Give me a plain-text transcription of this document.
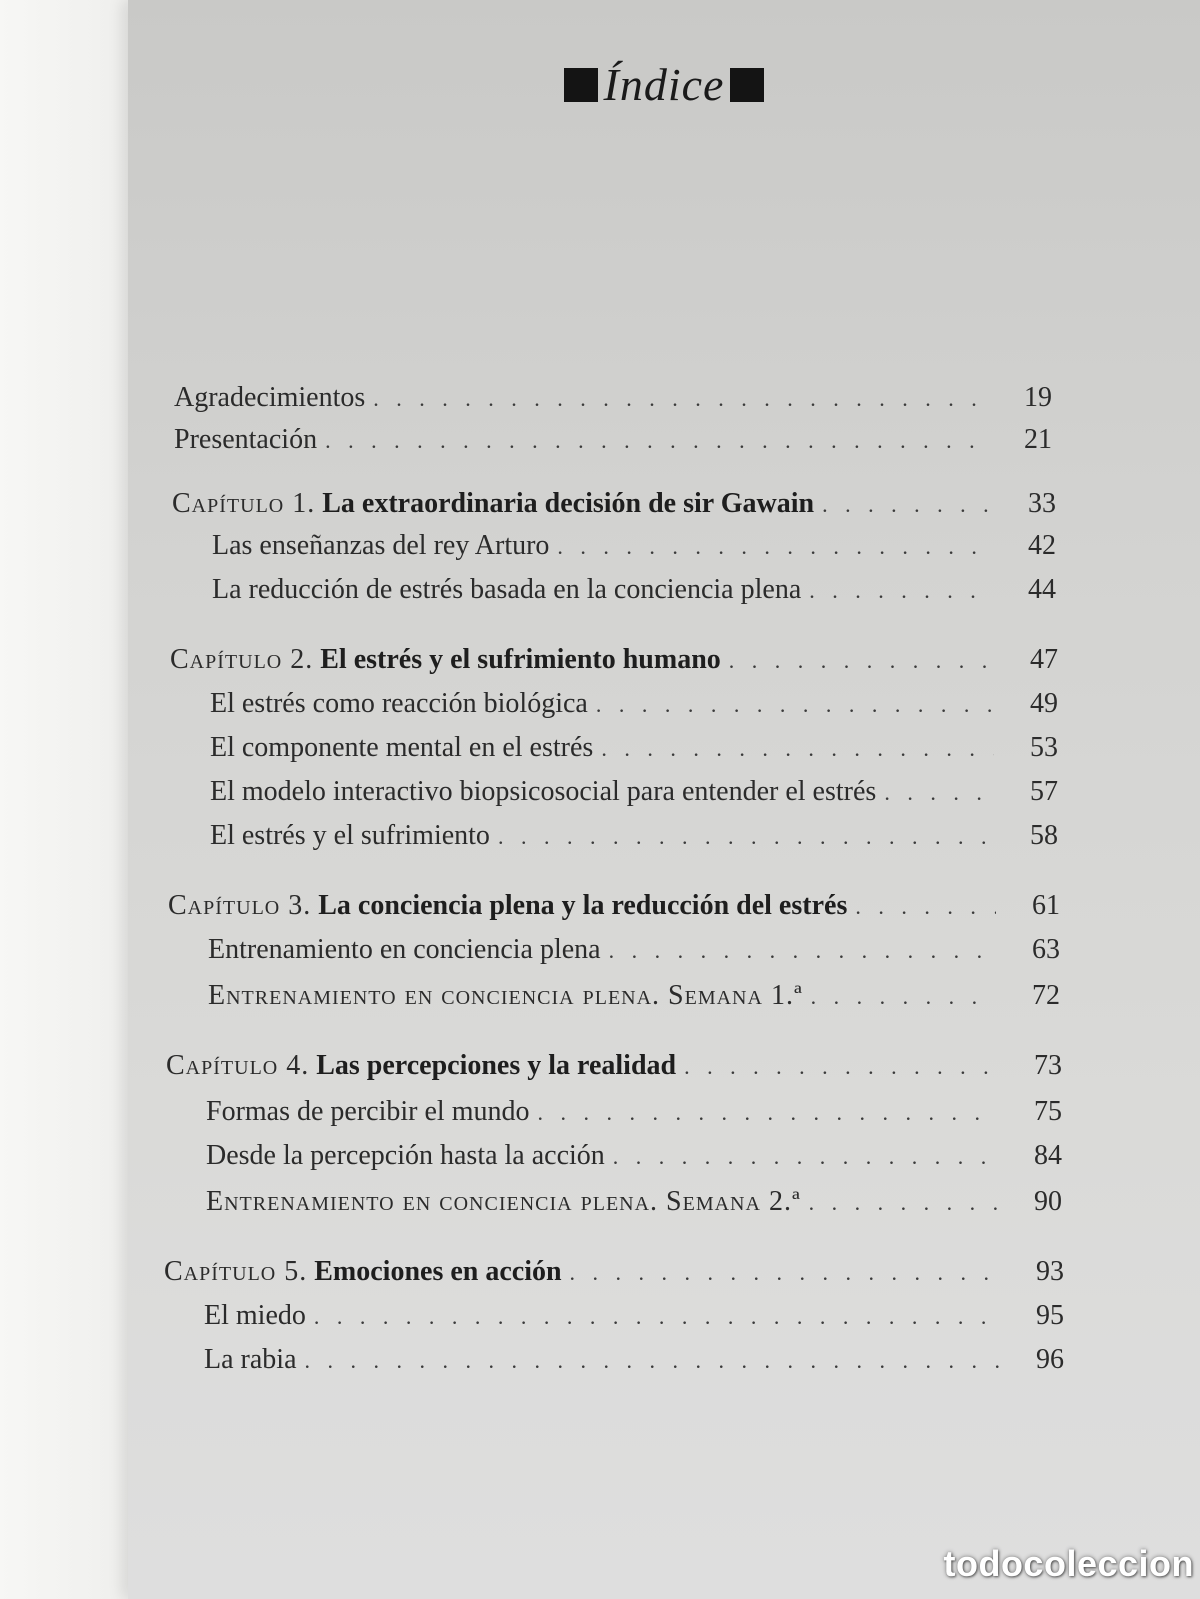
Índice
Agradecimientos . . .	19
Presentación . . .	21
Capítulo 1. La extraordinaria decisión de sir Gawain . . .	33
Las enseñanzas del rey Arturo . . .	42
La reducción de estrés basada en la conciencia plena . . .	44
Capítulo 2. El estrés y el sufrimiento humano . . .	47
El estrés como reacción biológica . . .	49
El componente mental en el estrés . . .	53
El modelo interactivo biopsicosocial para entender el estrés . . .	57
El estrés y el sufrimiento . . .	58
Capítulo 3. La conciencia plena y la reducción del estrés . . .	61
Entrenamiento en conciencia plena . . .	63
Entrenamiento en conciencia plena. Semana 1.ª . . .	72
Capítulo 4. Las percepciones y la realidad . . .	73
Formas de percibir el mundo . . .	75
Desde la percepción hasta la acción . . .	84
Entrenamiento en conciencia plena. Semana 2.ª . . .	90
Capítulo 5. Emociones en acción . . .	93
El miedo . . .	95
La rabia . . .	96
todocoleccion
